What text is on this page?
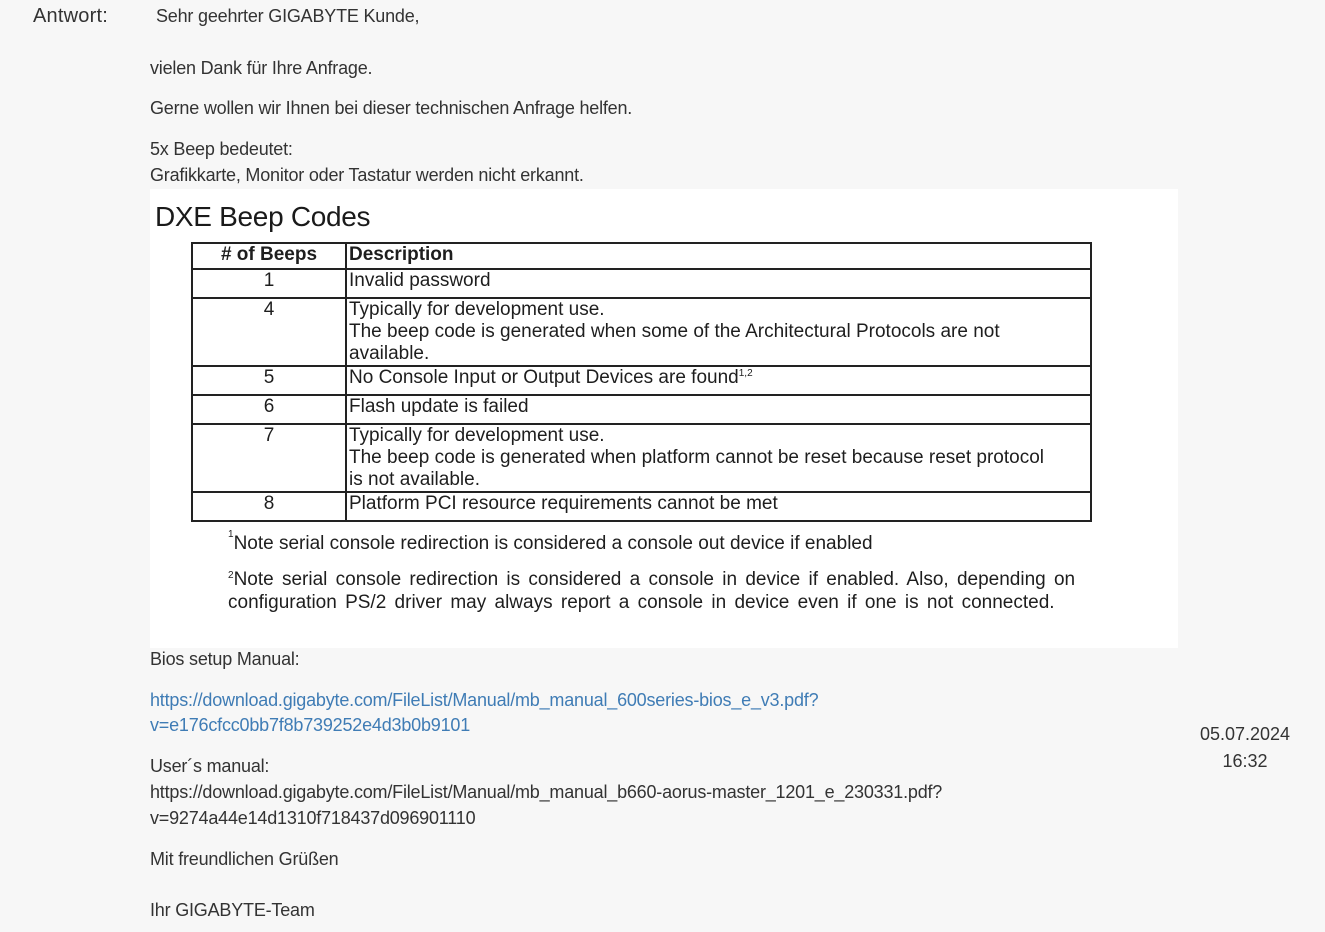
Antwort:	Sehr geehrter GIGABYTE Kunde,
vielen Dank für Ihre Anfrage.
Gerne wollen wir Ihnen bei dieser technischen Anfrage helfen.
5x Beep bedeutet:
Grafikkarte, Monitor oder Tastatur werden nicht erkannt.
DXE Beep Codes
# of Beeps	Description
1	Invalid password

4	Typically for development use.
The beep code is generated when some of the Architectural Protocols are not
available.

5	No Console Input or Output Devices are found$^{1,2}$
6	Flash update is failed

7	Typically for development use.
The beep code is generated when platform cannot be reset because reset protocol
is not available.

8	Platform PCI resource requirements cannot be met
$^1$Note serial console redirection is considered a console out device if enabled
$^2$Note serial console redirection is considered a console in device if enabled. Also, depending on
configuration PS/2 driver may always report a console in device even if one is not connected.
Bios setup Manual:
https://download.gigabyte.com/FileList/Manual/mb_manual_600series-bios_e_v3.pdf?
v=e176cfcc0bb7f8b739252e4d3b0b9101
User´s manual:
https://download.gigabyte.com/FileList/Manual/mb_manual_b660-aorus-master_1201_e_230331.pdf?
v=9274a44e14d1310f718437d096901110
Mit freundlichen Grüßen
Ihr GIGABYTE-Team
05.07.2024
16:32
